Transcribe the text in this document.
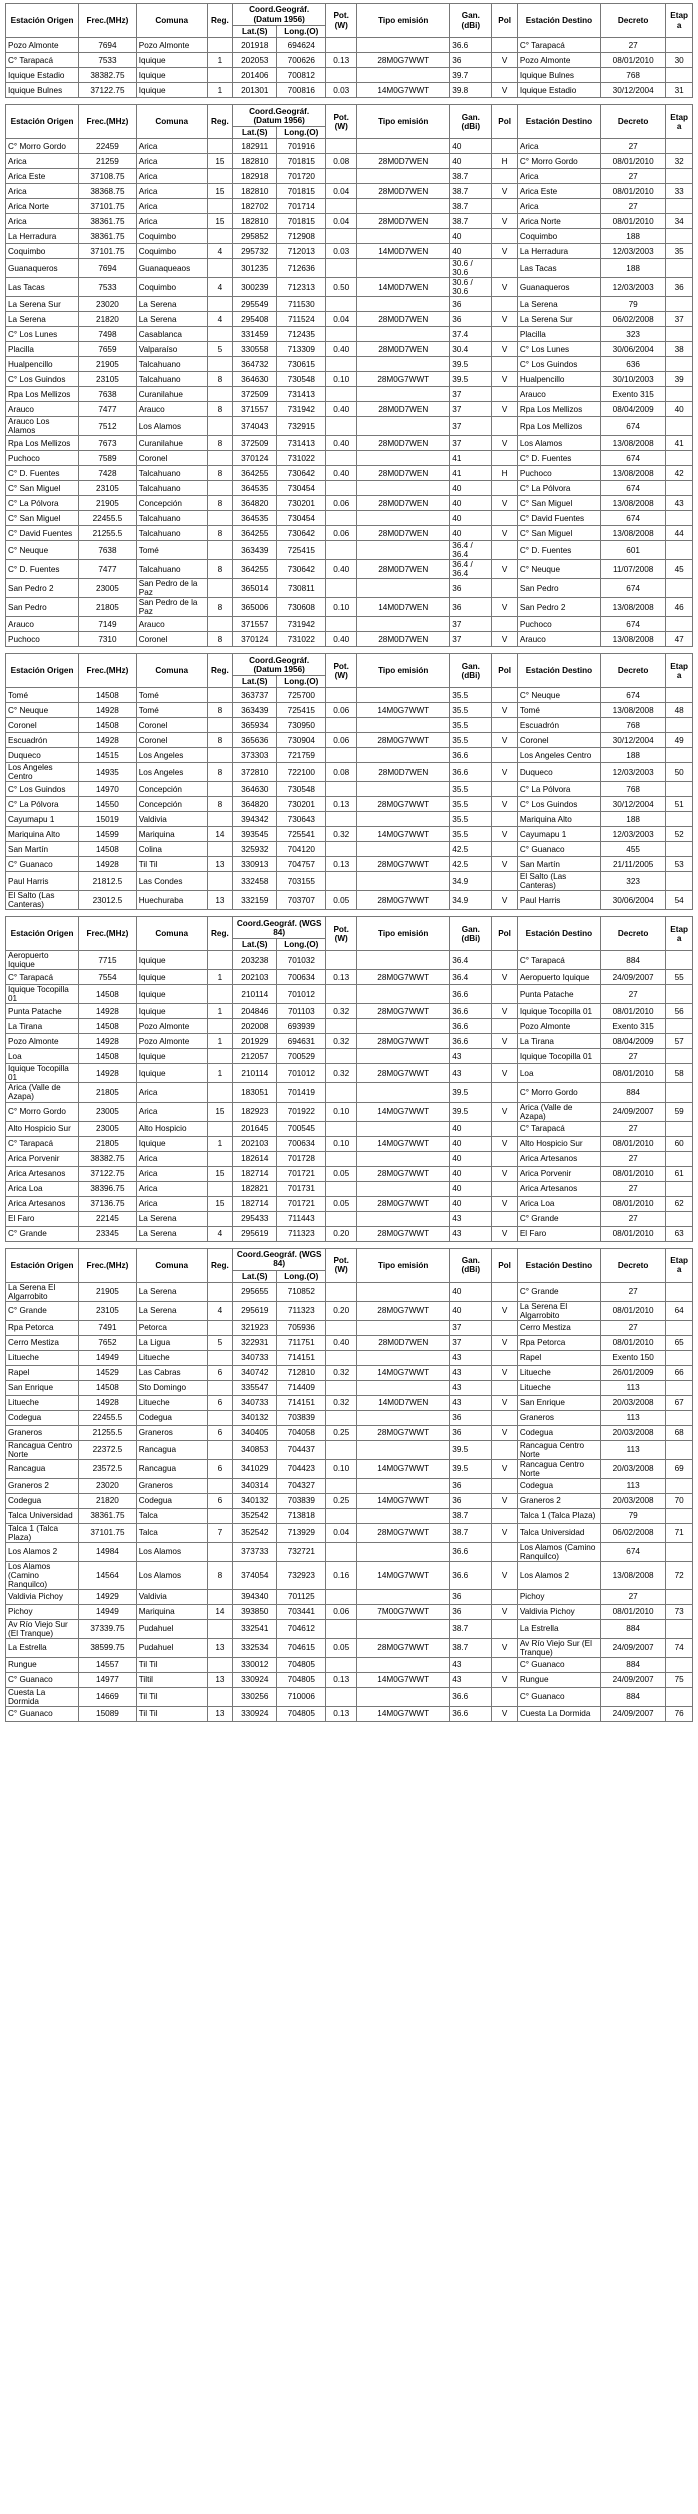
Estación Origen	Frec.(MHz)	Comuna	Reg.	Coord.Geográf. (Datum 1956)		Pot. (W)	Tipo emisión	Gan. (dBi)	Pol	Estación Destino	Decreto	Etapa
				Lat.(S)	Long.(O)							
Pozo Almonte	7694	Pozo Almonte		201918	694624			36.6		C° Tarapacá	27	
C° Tarapacá	7533	Iquique	1	202053	700626	0.13	28M0G7WWT	36	V	Pozo Almonte	08/01/2010	30
Iquique Estadio	38382.75	Iquique		201406	700812			39.7		Iquique Bulnes	768	
Iquique Bulnes	37122.75	Iquique	1	201301	700816	0.03	14M0G7WWT	39.8	V	Iquique Estadio	30/12/2004	31
Estación Origen	Frec.(MHz)	Comuna	Reg.	Coord.Geográf. (Datum 1956)		Pot. (W)	Tipo emisión	Gan. (dBi)	Pol	Estación Destino	Decreto	Etapa
				Lat.(S)	Long.(O)							
C° Morro Gordo	22459	Arica		182911	701916			40		Arica	27	
Arica	21259	Arica	15	182810	701815	0.08	28M0D7WEN	40	H	C° Morro Gordo	08/01/2010	32
Arica Este	37108.75	Arica		182918	701720			38.7		Arica	27	
Arica	38368.75	Arica	15	182810	701815	0.04	28M0D7WEN	38.7	V	Arica Este	08/01/2010	33
Arica Norte	37101.75	Arica		182702	701714			38.7		Arica	27	
Arica	38361.75	Arica	15	182810	701815	0.04	28M0D7WEN	38.7	V	Arica Norte	08/01/2010	34
La Herradura	38361.75	Coquimbo		295852	712908			40		Coquimbo	188	
Coquimbo	37101.75	Coquimbo	4	295732	712013	0.03	14M0D7WEN	40	V	La Herradura	12/03/2003	35
Guanaqueros	7694	Guanaqueaos		301235	712636			30.6 / 30.6		Las Tacas	188	
Las Tacas	7533	Coquimbo	4	300239	712313	0.50	14M0D7WEN	30.6 / 30.6	V	Guanaqueros	12/03/2003	36
La Serena Sur	23020	La Serena		295549	711530			36		La Serena	79	
La Serena	21820	La Serena	4	295408	711524	0.04	28M0D7WEN	36	V	La Serena Sur	06/02/2008	37
C° Los Lunes	7498	Casablanca		331459	712435			37.4		Placilla	323	
Placilla	7659	Valparaíso	5	330558	713309	0.40	28M0D7WEN	30.4	V	C° Los Lunes	30/06/2004	38
Hualpencillo	21905	Talcahuano		364732	730615			39.5		C° Los Guindos	636	
C° Los Guindos	23105	Talcahuano	8	364630	730548	0.10	28M0G7WWT	39.5	V	Hualpencillo	30/10/2003	39
Rpa Los Mellizos	7638	Curanilahue		372509	731413			37		Arauco	Exento 315	
Arauco	7477	Arauco	8	371557	731942	0.40	28M0D7WEN	37	V	Rpa Los Mellizos	08/04/2009	40
Arauco Los Alamos	7512	Los Alamos		374043	732915			37		Rpa Los Mellizos	674	
Rpa Los Mellizos	7673	Curanilahue	8	372509	731413	0.40	28M0D7WEN	37	V	Los Alamos	13/08/2008	41
Puchoco	7589	Coronel		370124	731022			41		C° D. Fuentes	674	
C° D. Fuentes	7428	Talcahuano	8	364255	730642	0.40	28M0D7WEN	41	H	Puchoco	13/08/2008	42
C° San Miguel	23105	Talcahuano		364535	730454			40		C° La Pólvora	674	
C° La Pólvora	21905	Concepción	8	364820	730201	0.06	28M0D7WEN	40	V	C° San Miguel	13/08/2008	43
C° San Miguel	22455.5	Talcahuano		364535	730454			40		C° David Fuentes	674	
C° David Fuentes	21255.5	Talcahuano	8	364255	730642	0.06	28M0D7WEN	40	V	C° San Miguel	13/08/2008	44
C° Neuque	7638	Tomé		363439	725415			36.4 / 36.4		C° D. Fuentes	601	
C° D. Fuentes	7477	Talcahuano	8	364255	730642	0.40	28M0D7WEN	36.4 / 36.4	V	C° Neuque	11/07/2008	45
San Pedro 2	23005	San Pedro de la Paz		365014	730811			36		San Pedro	674	
San Pedro	21805	San Pedro de la Paz	8	365006	730608	0.10	14M0D7WEN	36	V	San Pedro 2	13/08/2008	46
Arauco	7149	Arauco		371557	731942			37		Puchoco	674	
Puchoco	7310	Coronel	8	370124	731022	0.40	28M0D7WEN	37	V	Arauco	13/08/2008	47
Estación Origen	Frec.(MHz)	Comuna	Reg.	Coord.Geográf. (Datum 1956)		Pot. (W)	Tipo emisión	Gan. (dBi)	Pol	Estación Destino	Decreto	Etapa
				Lat.(S)	Long.(O)							
Tomé	14508	Tomé		363737	725700			35.5		C° Neuque	674	
C° Neuque	14928	Tomé	8	363439	725415	0.06	14M0G7WWT	35.5	V	Tomé	13/08/2008	48
Coronel	14508	Coronel		365934	730950			35.5		Escuadrón	768	
Escuadrón	14928	Coronel	8	365636	730904	0.06	28M0G7WWT	35.5	V	Coronel	30/12/2004	49
Duqueco	14515	Los Angeles		373303	721759			36.6		Los Angeles Centro	188	
Los Angeles Centro	14935	Los Angeles	8	372810	722100	0.08	28M0D7WEN	36.6	V	Duqueco	12/03/2003	50
C° Los Guindos	14970	Concepción		364630	730548			35.5		C° La Pólvora	768	
C° La Pólvora	14550	Concepción	8	364820	730201	0.13	28M0G7WWT	35.5	V	C° Los Guindos	30/12/2004	51
Cayumapu 1	15019	Valdivia		394342	730643			35.5		Mariquina Alto	188	
Mariquina Alto	14599	Mariquina	14	393545	725541	0.32	14M0G7WWT	35.5	V	Cayumapu 1	12/03/2003	52
San Martín	14508	Colina		325932	704120			42.5		C° Guanaco	455	
C° Guanaco	14928	Til Til	13	330913	704757	0.13	28M0G7WWT	42.5	V	San Martín	21/11/2005	53
Paul Harris	21812.5	Las Condes		332458	703155			34.9		El Salto (Las Canteras)	323	
El Salto (Las Canteras)	23012.5	Huechuraba	13	332159	703707	0.05	28M0G7WWT	34.9	V	Paul Harris	30/06/2004	54
Estación Origen	Frec.(MHz)	Comuna	Reg.	Coord.Geográf. (WGS 84)		Pot. (W)	Tipo emisión	Gan. (dBi)	Pol	Estación Destino	Decreto	Etapa
				Lat.(S)	Long.(O)							
Aeropuerto Iquique	7715	Iquique		203238	701032			36.4		C° Tarapacá	884	
C° Tarapacá	7554	Iquique	1	202103	700634	0.13	28M0G7WWT	36.4	V	Aeropuerto Iquique	24/09/2007	55
Iquique Tocopilla 01	14508	Iquique		210114	701012			36.6		Punta Patache	27	
Punta Patache	14928	Iquique	1	204846	701103	0.32	28M0G7WWT	36.6	V	Iquique Tocopilla 01	08/01/2010	56
La Tirana	14508	Pozo Almonte		202008	693939			36.6		Pozo Almonte	Exento 315	
Pozo Almonte	14928	Pozo Almonte	1	201929	694631	0.32	28M0G7WWT	36.6	V	La Tirana	08/04/2009	57
Loa	14508	Iquique		212057	700529			43		Iquique Tocopilla 01	27	
Iquique Tocopilla 01	14928	Iquique	1	210114	701012	0.32	28M0G7WWT	43	V	Loa	08/01/2010	58
Arica (Valle de Azapa)	21805	Arica		183051	701419			39.5		C° Morro Gordo	884	
C° Morro Gordo	23005	Arica	15	182923	701922	0.10	14M0G7WWT	39.5	V	Arica (Valle de Azapa)	24/09/2007	59
Alto Hospicio Sur	23005	Alto Hospicio		201645	700545			40		C° Tarapacá	27	
C° Tarapacá	21805	Iquique	1	202103	700634	0.10	14M0G7WWT	40	V	Alto Hospicio Sur	08/01/2010	60
Arica Porvenir	38382.75	Arica		182614	701728			40		Arica Artesanos	27	
Arica Artesanos	37122.75	Arica	15	182714	701721	0.05	28M0G7WWT	40	V	Arica Porvenir	08/01/2010	61
Arica Loa	38396.75	Arica		182821	701731			40		Arica Artesanos	27	
Arica Artesanos	37136.75	Arica	15	182714	701721	0.05	28M0G7WWT	40	V	Arica Loa	08/01/2010	62
El Faro	22145	La Serena		295433	711443			43		C° Grande	27	
C° Grande	23345	La Serena	4	295619	711323	0.20	28M0G7WWT	43	V	El Faro	08/01/2010	63
Estación Origen	Frec.(MHz)	Comuna	Reg.	Coord.Geográf. (WGS 84)		Pot. (W)	Tipo emisión	Gan. (dBi)	Pol	Estación Destino	Decreto	Etapa
				Lat.(S)	Long.(O)							
La Serena El Algarrobito	21905	La Serena		295655	710852			40		C° Grande	27	
C° Grande	23105	La Serena	4	295619	711323	0.20	28M0G7WWT	40	V	La Serena El Algarrobito	08/01/2010	64
Rpa Petorca	7491	Petorca		321923	705936			37		Cerro Mestiza	27	
Cerro Mestiza	7652	La Ligua	5	322931	711751	0.40	28M0D7WEN	37	V	Rpa Petorca	08/01/2010	65
Litueche	14949	Litueche		340733	714151			43		Rapel	Exento 150	
Rapel	14529	Las Cabras	6	340742	712810	0.32	14M0G7WWT	43	V	Litueche	26/01/2009	66
San Enrique	14508	Sto Domingo		335547	714409			43		Litueche	113	
Litueche	14928	Litueche	6	340733	714151	0.32	14M0D7WEN	43	V	San Enrique	20/03/2008	67
Codegua	22455.5	Codegua		340132	703839			36		Graneros	113	
Graneros	21255.5	Graneros	6	340405	704058	0.25	28M0G7WWT	36	V	Codegua	20/03/2008	68
Rancagua Centro Norte	22372.5	Rancagua		340853	704437			39.5		Rancagua Centro Norte	113	
Rancagua	23572.5	Rancagua	6	341029	704423	0.10	14M0G7WWT	39.5	V	Rancagua Centro Norte	20/03/2008	69
Graneros 2	23020	Graneros		340314	704327			36		Codegua	113	
Codegua	21820	Codegua	6	340132	703839	0.25	14M0G7WWT	36	V	Graneros 2	20/03/2008	70
Talca Universidad	38361.75	Talca		352542	713818			38.7		Talca 1 (Talca Plaza)	79	
Talca 1 (Talca Plaza)	37101.75	Talca	7	352542	713929	0.04	28M0G7WWT	38.7	V	Talca Universidad	06/02/2008	71
Los Alamos 2	14984	Los Alamos		373733	732721			36.6		Los Alamos (Camino Ranquilco)	674	
Los Alamos (Camino Ranquilco)	14564	Los Alamos	8	374054	732923	0.16	14M0G7WWT	36.6	V	Los Alamos 2	13/08/2008	72
Valdivia Pichoy	14929	Valdivia		394340	701125			36		Pichoy	27	
Pichoy	14949	Mariquina	14	393850	703441	0.06	7M00G7WWT	36	V	Valdivia Pichoy	08/01/2010	73
Av Río Viejo Sur (El Tranque)	37339.75	Pudahuel		332541	704612			38.7		La Estrella	884	
La Estrella	38599.75	Pudahuel	13	332534	704615	0.05	28M0G7WWT	38.7	V	Av Río Viejo Sur (El Tranque)	24/09/2007	74
Rungue	14557	Til Til		330012	704805			43		C° Guanaco	884	
C° Guanaco	14977	Tiltil	13	330924	704805	0.13	14M0G7WWT	43	V	Rungue	24/09/2007	75
Cuesta La Dormida	14669	Til Til		330256	710006			36.6		C° Guanaco	884	
C° Guanaco	15089	Til Til	13	330924	704805	0.13	14M0G7WWT	36.6	V	Cuesta La Dormida	24/09/2007	76
